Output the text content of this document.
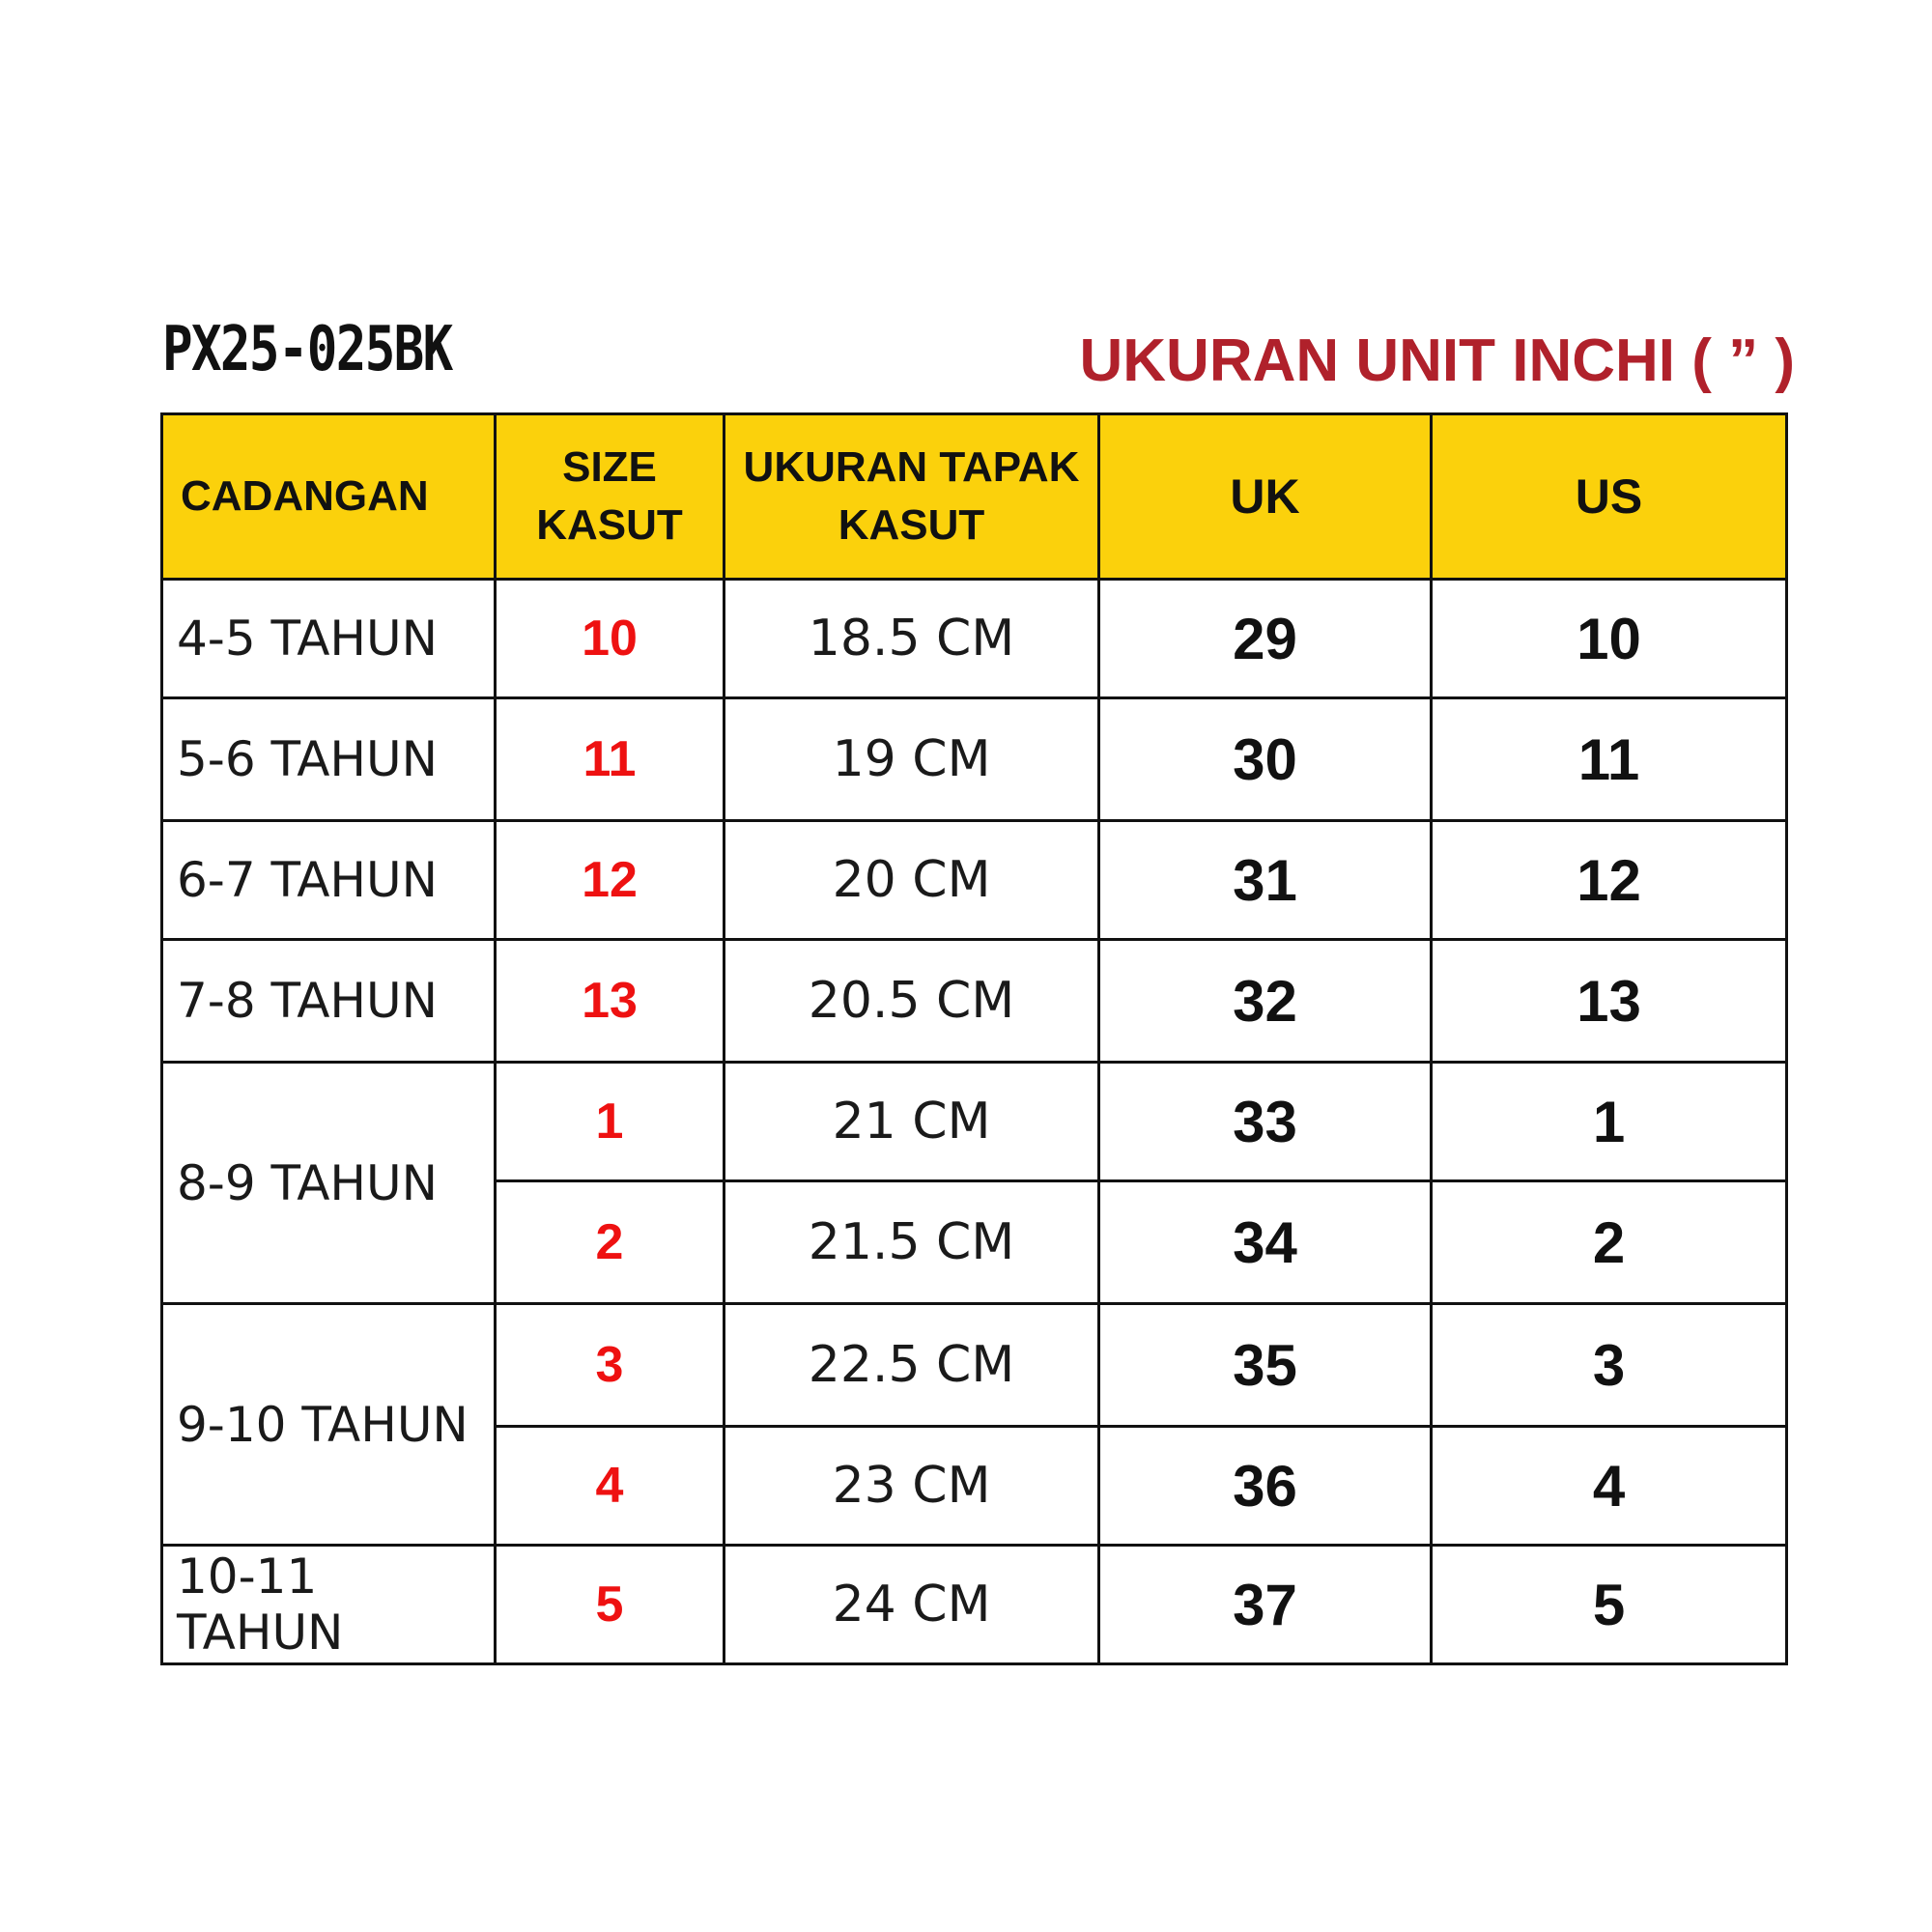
PX25-025BK	UKURAN UNIT INCHI ( ” )
CADANGAN	SIZE KASUT	UKURAN TAPAK KASUT	UK	US
4-5 TAHUN	10	18.5 CM	29	10
5-6 TAHUN	11	19 CM	30	11
6-7 TAHUN	12	20 CM	31	12
7-8 TAHUN	13	20.5 CM	32	13
8-9 TAHUN	1	21 CM	33	1
	2	21.5 CM	34	2
9-10 TAHUN	3	22.5 CM	35	3
	4	23 CM	36	4
10-11 TAHUN	5	24 CM	37	5
